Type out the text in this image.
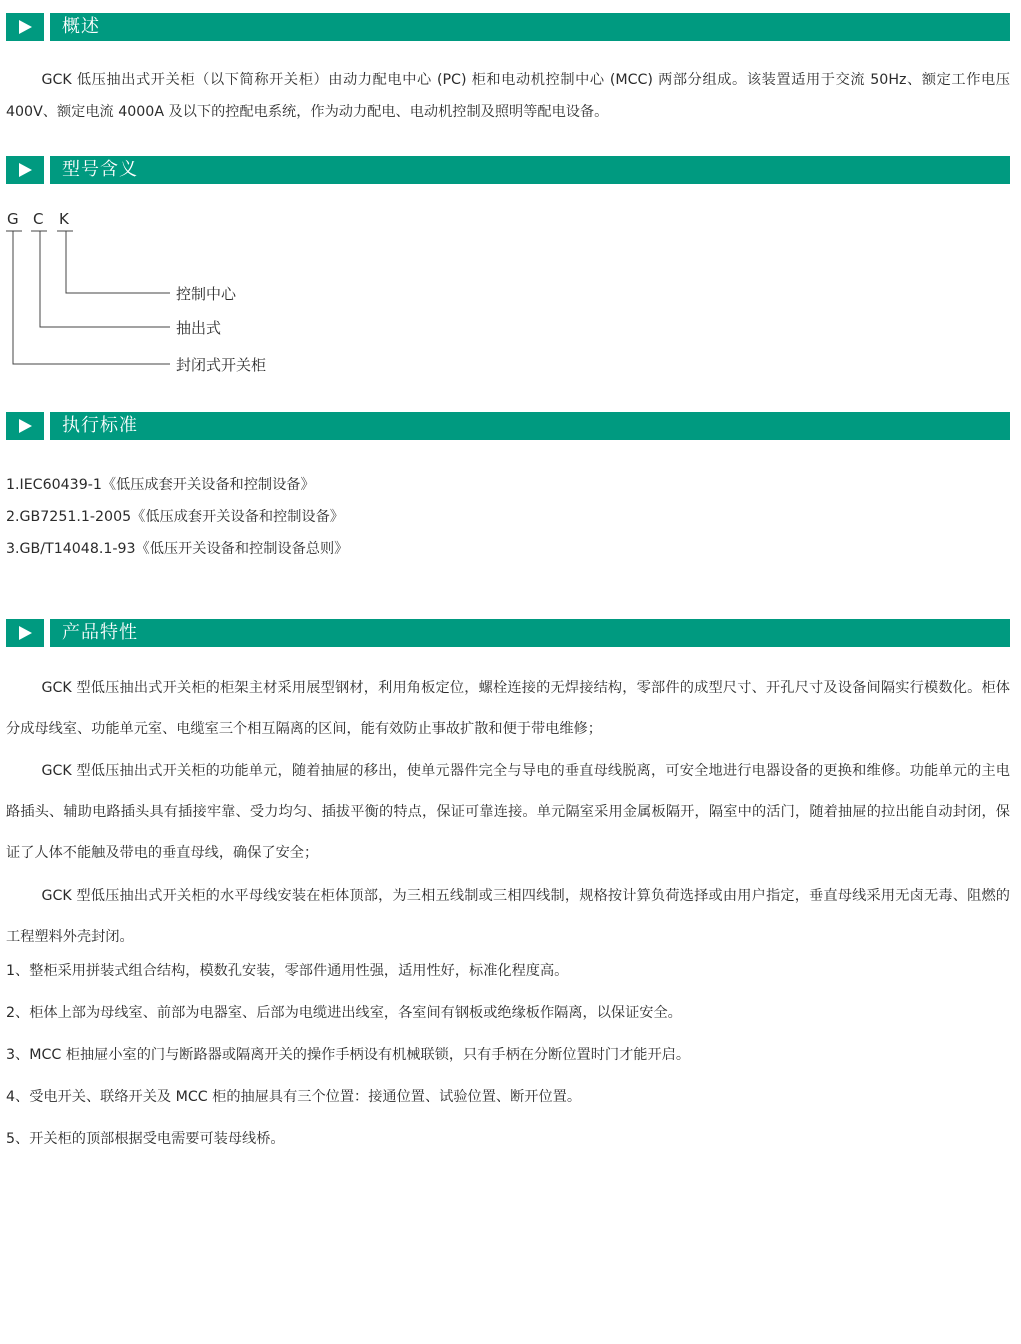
概述

GCK 低压抽出式开关柜（以下简称开关柜）由动力配电中心 (PC) 柜和电动机控制中心 (MCC) 两部分组成。该装置适用于交流 50Hz、额定工作电压 400V、额定电流 4000A 及以下的控配电系统，作为动力配电、电动机控制及照明等配电设备。

型号含义
G C K
控制中心
抽出式
封闭式开关柜
执行标准
1.IEC60439-1《低压成套开关设备和控制设备》
2.GB7251.1-2005《低压成套开关设备和控制设备》
3.GB/T14048.1-93《低压开关设备和控制设备总则》
产品特性

GCK 型低压抽出式开关柜的柜架主材采用展型钢材，利用角板定位，螺栓连接的无焊接结构，零部件的成型尺寸、开孔尺寸及设备间隔实行模数化。柜体分成母线室、功能单元室、电缆室三个相互隔离的区间，能有效防止事故扩散和便于带电维修；

GCK 型低压抽出式开关柜的功能单元，随着抽屉的移出，使单元器件完全与导电的垂直母线脱离，可安全地进行电器设备的更换和维修。功能单元的主电路插头、辅助电路插头具有插接牢靠、受力均匀、插拔平衡的特点，保证可靠连接。单元隔室采用金属板隔开，隔室中的活门，随着抽屉的拉出能自动封闭，保证了人体不能触及带电的垂直母线，确保了安全；

GCK 型低压抽出式开关柜的水平母线安装在柜体顶部，为三相五线制或三相四线制，规格按计算负荷选择或由用户指定，垂直母线采用无卤无毒、阻燃的工程塑料外壳封闭。

1、整柜采用拼装式组合结构，模数孔安装，零部件通用性强，适用性好，标准化程度高。
2、柜体上部为母线室、前部为电器室、后部为电缆进出线室，各室间有钢板或绝缘板作隔离，以保证安全。
3、MCC 柜抽屉小室的门与断路器或隔离开关的操作手柄设有机械联锁，只有手柄在分断位置时门才能开启。
4、受电开关、联络开关及 MCC 柜的抽屉具有三个位置：接通位置、试验位置、断开位置。
5、开关柜的顶部根据受电需要可装母线桥。
